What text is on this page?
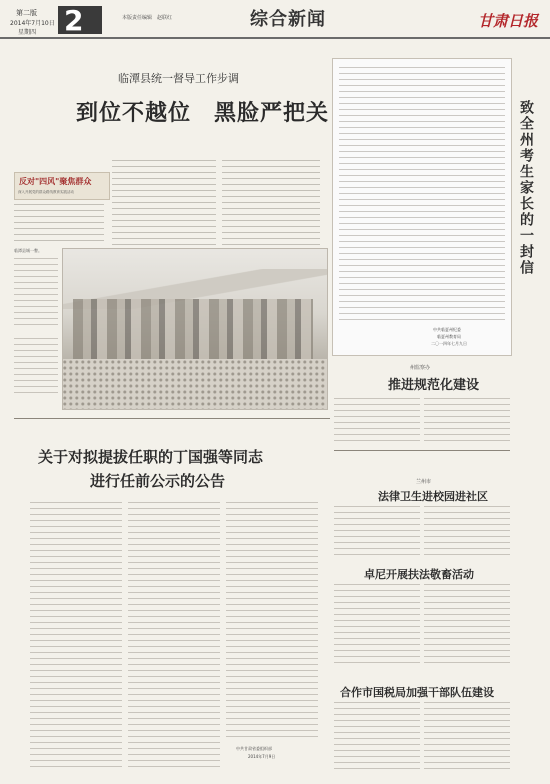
第二版
2014年7月10日
星期四 2	本版责任编辑　赵联红	综合新闻	甘肃日报
临潭县统一督导工作步调
到位不越位　黑脸严把关
反对"四风"聚焦群众
深入开展党的群众路线教育实践活动
临潭县城一瞥。
中共临夏州纪委
临夏州教育局
二〇一四年七月九日
致全州考生家长的一封信
州监察办
推进规范化建设
关于对拟提拔任职的丁国强等同志
进行任前公示的公告
中共甘肃省委组织部
2014年7月9日
兰州市
法律卫生进校园进社区
卓尼开展扶法敬畜活动
合作市国税局加强干部队伍建设
